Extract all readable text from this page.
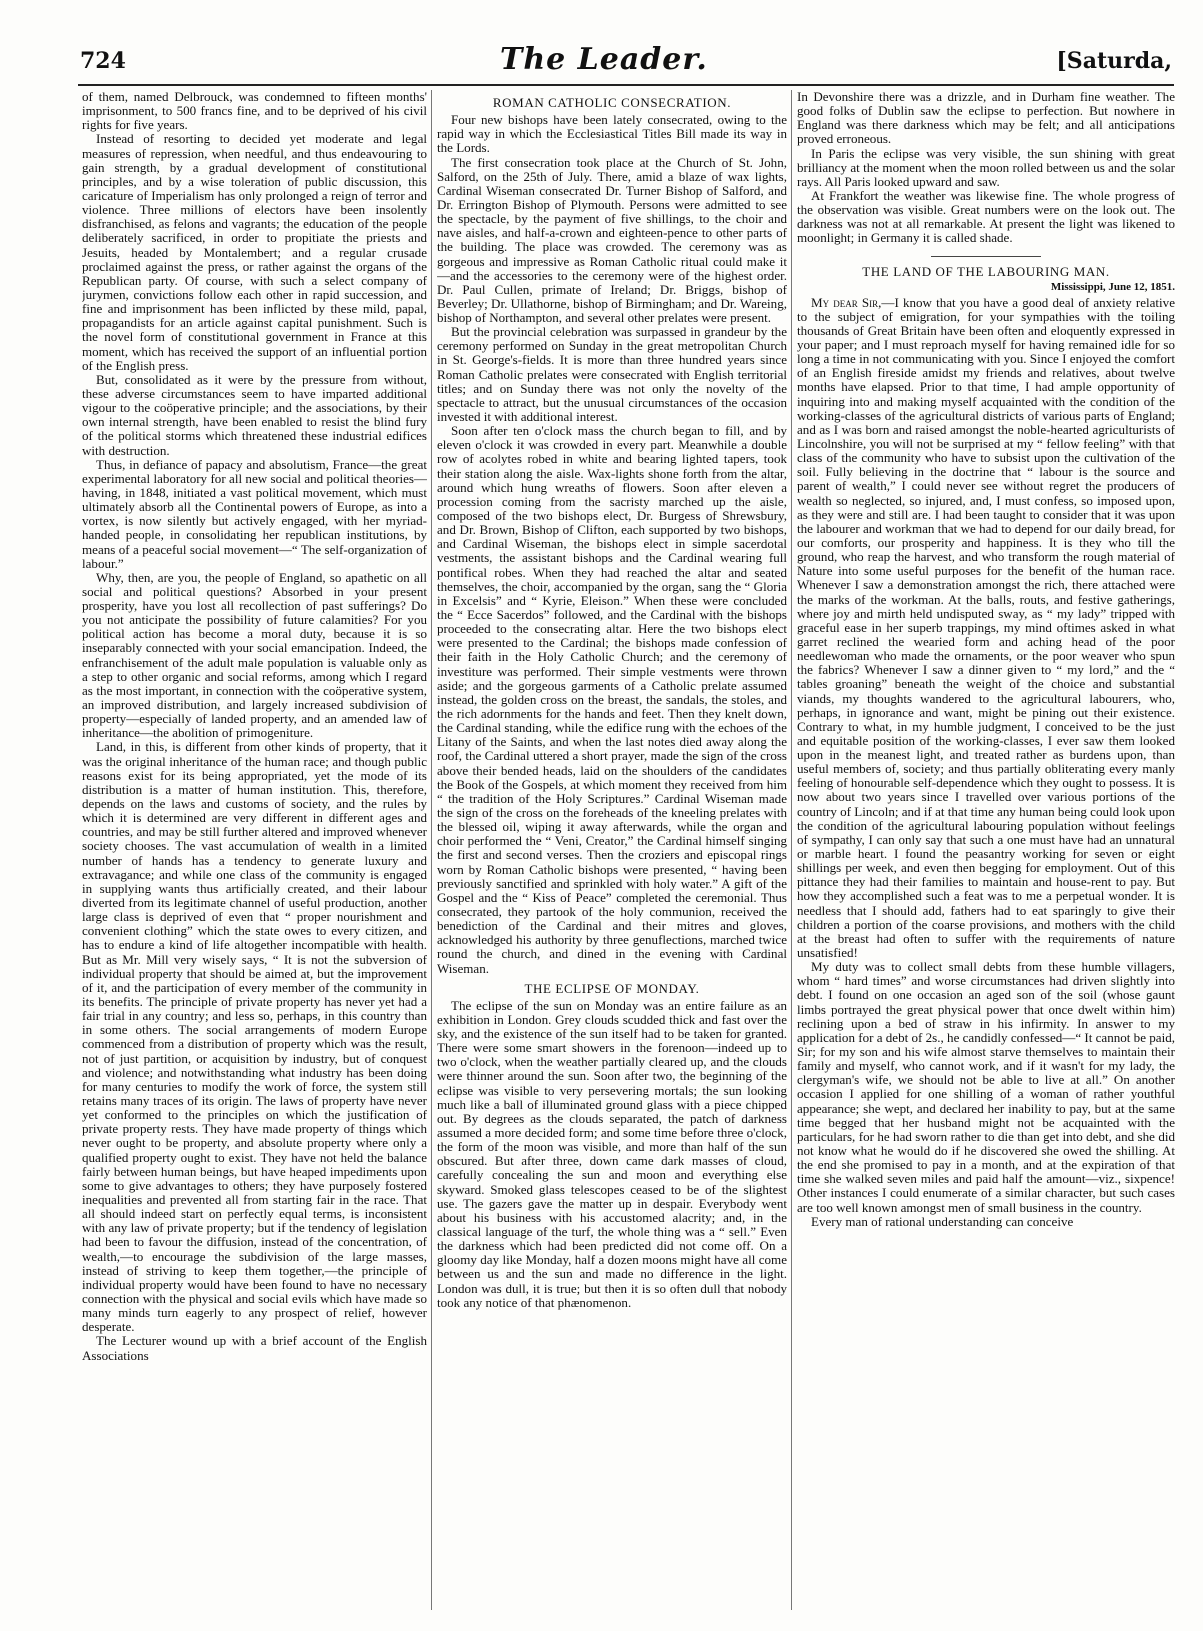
724	The Leader.	[Saturda,

of them, named Delbrouck, was condemned to fifteen months' imprisonment, to 500 francs fine, and to be deprived of his civil rights for five years.

Instead of resorting to decided yet moderate and legal measures of repression, when needful, and thus endeavouring to gain strength, by a gradual development of constitutional principles, and by a wise toleration of public discussion, this caricature of Imperialism has only prolonged a reign of terror and violence. Three millions of electors have been insolently disfranchised, as felons and vagrants; the education of the people deliberately sacrificed, in order to propitiate the priests and Jesuits, headed by Montalembert; and a regular crusade proclaimed against the press, or rather against the organs of the Republican party. Of course, with such a select company of jurymen, convictions follow each other in rapid succession, and fine and imprisonment has been inflicted by these mild, papal, propagandists for an article against capital punishment. Such is the novel form of constitutional government in France at this moment, which has received the support of an influential portion of the English press.

But, consolidated as it were by the pressure from without, these adverse circumstances seem to have imparted additional vigour to the coöperative principle; and the associations, by their own internal strength, have been enabled to resist the blind fury of the political storms which threatened these industrial edifices with destruction.

Thus, in defiance of papacy and absolutism, France—the great experimental laboratory for all new social and political theories—having, in 1848, initiated a vast political movement, which must ultimately absorb all the Continental powers of Europe, as into a vortex, is now silently but actively engaged, with her myriad-handed people, in consolidating her republican institutions, by means of a peaceful social movement—“ The self-organization of labour.”

Why, then, are you, the people of England, so apathetic on all social and political questions? Absorbed in your present prosperity, have you lost all recollection of past sufferings? Do you not anticipate the possibility of future calamities? For you political action has become a moral duty, because it is so inseparably connected with your social emancipation. Indeed, the enfranchisement of the adult male population is valuable only as a step to other organic and social reforms, among which I regard as the most important, in connection with the coöperative system, an improved distribution, and largely increased subdivision of property—especially of landed property, and an amended law of inheritance—the abolition of primogeniture.

Land, in this, is different from other kinds of property, that it was the original inheritance of the human race; and though public reasons exist for its being appropriated, yet the mode of its distribution is a matter of human institution. This, therefore, depends on the laws and customs of society, and the rules by which it is determined are very different in different ages and countries, and may be still further altered and improved whenever society chooses. The vast accumulation of wealth in a limited number of hands has a tendency to generate luxury and extravagance; and while one class of the community is engaged in supplying wants thus artificially created, and their labour diverted from its legitimate channel of useful production, another large class is deprived of even that “ proper nourishment and convenient clothing” which the state owes to every citizen, and has to endure a kind of life altogether incompatible with health. But as Mr. Mill very wisely says, “ It is not the subversion of individual property that should be aimed at, but the improvement of it, and the participation of every member of the community in its benefits. The principle of private property has never yet had a fair trial in any country; and less so, perhaps, in this country than in some others. The social arrangements of modern Europe commenced from a distribution of property which was the result, not of just partition, or acquisition by industry, but of conquest and violence; and notwithstanding what industry has been doing for many centuries to modify the work of force, the system still retains many traces of its origin. The laws of property have never yet conformed to the principles on which the justification of private property rests. They have made property of things which never ought to be property, and absolute property where only a qualified property ought to exist. They have not held the balance fairly between human beings, but have heaped impediments upon some to give advantages to others; they have purposely fostered inequalities and prevented all from starting fair in the race. That all should indeed start on perfectly equal terms, is inconsistent with any law of private property; but if the tendency of legislation had been to favour the diffusion, instead of the concentration, of wealth,—to encourage the subdivision of the large masses, instead of striving to keep them together,—the principle of individual property would have been found to have no necessary connection with the physical and social evils which have made so many minds turn eagerly to any prospect of relief, however desperate.

The Lecturer wound up with a brief account of the English Associations

ROMAN CATHOLIC CONSECRATION.

Four new bishops have been lately consecrated, owing to the rapid way in which the Ecclesiastical Titles Bill made its way in the Lords.

The first consecration took place at the Church of St. John, Salford, on the 25th of July. There, amid a blaze of wax lights, Cardinal Wiseman consecrated Dr. Turner Bishop of Salford, and Dr. Errington Bishop of Plymouth. Persons were admitted to see the spectacle, by the payment of five shillings, to the choir and nave aisles, and half-a-crown and eighteen-pence to other parts of the building. The place was crowded. The ceremony was as gorgeous and impressive as Roman Catholic ritual could make it—and the accessories to the ceremony were of the highest order. Dr. Paul Cullen, primate of Ireland; Dr. Briggs, bishop of Beverley; Dr. Ullathorne, bishop of Birmingham; and Dr. Wareing, bishop of Northampton, and several other prelates were present.

But the provincial celebration was surpassed in grandeur by the ceremony performed on Sunday in the great metropolitan Church in St. George's-fields. It is more than three hundred years since Roman Catholic prelates were consecrated with English territorial titles; and on Sunday there was not only the novelty of the spectacle to attract, but the unusual circumstances of the occasion invested it with additional interest.

Soon after ten o'clock mass the church began to fill, and by eleven o'clock it was crowded in every part. Meanwhile a double row of acolytes robed in white and bearing lighted tapers, took their station along the aisle. Wax-lights shone forth from the altar, around which hung wreaths of flowers. Soon after eleven a procession coming from the sacristy marched up the aisle, composed of the two bishops elect, Dr. Burgess of Shrewsbury, and Dr. Brown, Bishop of Clifton, each supported by two bishops, and Cardinal Wiseman, the bishops elect in simple sacerdotal vestments, the assistant bishops and the Cardinal wearing full pontifical robes. When they had reached the altar and seated themselves, the choir, accompanied by the organ, sang the “ Gloria in Excelsis” and “ Kyrie, Eleison.” When these were concluded the “ Ecce Sacerdos” followed, and the Cardinal with the bishops proceeded to the consecrating altar. Here the two bishops elect were presented to the Cardinal; the bishops made confession of their faith in the Holy Catholic Church; and the ceremony of investiture was performed. Their simple vestments were thrown aside; and the gorgeous garments of a Catholic prelate assumed instead, the golden cross on the breast, the sandals, the stoles, and the rich adornments for the hands and feet. Then they knelt down, the Cardinal standing, while the edifice rung with the echoes of the Litany of the Saints, and when the last notes died away along the roof, the Cardinal uttered a short prayer, made the sign of the cross above their bended heads, laid on the shoulders of the candidates the Book of the Gospels, at which moment they received from him “ the tradition of the Holy Scriptures.” Cardinal Wiseman made the sign of the cross on the foreheads of the kneeling prelates with the blessed oil, wiping it away afterwards, while the organ and choir performed the “ Veni, Creator,” the Cardinal himself singing the first and second verses. Then the croziers and episcopal rings worn by Roman Catholic bishops were presented, “ having been previously sanctified and sprinkled with holy water.” A gift of the Gospel and the “ Kiss of Peace” completed the ceremonial. Thus consecrated, they partook of the holy communion, received the benediction of the Cardinal and their mitres and gloves, acknowledged his authority by three genuflections, marched twice round the church, and dined in the evening with Cardinal Wiseman.

THE ECLIPSE OF MONDAY.

The eclipse of the sun on Monday was an entire failure as an exhibition in London. Grey clouds scudded thick and fast over the sky, and the existence of the sun itself had to be taken for granted. There were some smart showers in the forenoon—indeed up to two o'clock, when the weather partially cleared up, and the clouds were thinner around the sun. Soon after two, the beginning of the eclipse was visible to very persevering mortals; the sun looking much like a ball of illuminated ground glass with a piece chipped out. By degrees as the clouds separated, the patch of darkness assumed a more decided form; and some time before three o'clock, the form of the moon was visible, and more than half of the sun obscured. But after three, down came dark masses of cloud, carefully concealing the sun and moon and everything else skyward. Smoked glass telescopes ceased to be of the slightest use. The gazers gave the matter up in despair. Everybody went about his business with his accustomed alacrity; and, in the classical language of the turf, the whole thing was a “ sell.” Even the darkness which had been predicted did not come off. On a gloomy day like Monday, half a dozen moons might have all come between us and the sun and made no difference in the light. London was dull, it is true; but then it is so often dull that nobody took any notice of that phænomenon.

In Devonshire there was a drizzle, and in Durham fine weather. The good folks of Dublin saw the eclipse to perfection. But nowhere in England was there darkness which may be felt; and all anticipations proved erroneous.

In Paris the eclipse was very visible, the sun shining with great brilliancy at the moment when the moon rolled between us and the solar rays. All Paris looked upward and saw.

At Frankfort the weather was likewise fine. The whole progress of the observation was visible. Great numbers were on the look out. The darkness was not at all remarkable. At present the light was likened to moonlight; in Germany it is called shade.

THE LAND OF THE LABOURING MAN.
Mississippi, June 12, 1851.

My dear Sir,—I know that you have a good deal of anxiety relative to the subject of emigration, for your sympathies with the toiling thousands of Great Britain have been often and eloquently expressed in your paper; and I must reproach myself for having remained idle for so long a time in not communicating with you. Since I enjoyed the comfort of an English fireside amidst my friends and relatives, about twelve months have elapsed. Prior to that time, I had ample opportunity of inquiring into and making myself acquainted with the condition of the working-classes of the agricultural districts of various parts of England; and as I was born and raised amongst the noble-hearted agriculturists of Lincolnshire, you will not be surprised at my “ fellow feeling” with that class of the community who have to subsist upon the cultivation of the soil. Fully believing in the doctrine that “ labour is the source and parent of wealth,” I could never see without regret the producers of wealth so neglected, so injured, and, I must confess, so imposed upon, as they were and still are. I had been taught to consider that it was upon the labourer and workman that we had to depend for our daily bread, for our comforts, our prosperity and happiness. It is they who till the ground, who reap the harvest, and who transform the rough material of Nature into some useful purposes for the benefit of the human race. Whenever I saw a demonstration amongst the rich, there attached were the marks of the workman. At the balls, routs, and festive gatherings, where joy and mirth held undisputed sway, as “ my lady” tripped with graceful ease in her superb trappings, my mind oftimes asked in what garret reclined the wearied form and aching head of the poor needlewoman who made the ornaments, or the poor weaver who spun the fabrics? Whenever I saw a dinner given to “ my lord,” and the “ tables groaning” beneath the weight of the choice and substantial viands, my thoughts wandered to the agricultural labourers, who, perhaps, in ignorance and want, might be pining out their existence. Contrary to what, in my humble judgment, I conceived to be the just and equitable position of the working-classes, I ever saw them looked upon in the meanest light, and treated rather as burdens upon, than useful members of, society; and thus partially obliterating every manly feeling of honourable self-dependence which they ought to possess. It is now about two years since I travelled over various portions of the country of Lincoln; and if at that time any human being could look upon the condition of the agricultural labouring population without feelings of sympathy, I can only say that such a one must have had an unnatural or marble heart. I found the peasantry working for seven or eight shillings per week, and even then begging for employment. Out of this pittance they had their families to maintain and house-rent to pay. But how they accomplished such a feat was to me a perpetual wonder. It is needless that I should add, fathers had to eat sparingly to give their children a portion of the coarse provisions, and mothers with the child at the breast had often to suffer with the requirements of nature unsatisfied!

My duty was to collect small debts from these humble villagers, whom “ hard times” and worse circumstances had driven slightly into debt. I found on one occasion an aged son of the soil (whose gaunt limbs portrayed the great physical power that once dwelt within him) reclining upon a bed of straw in his infirmity. In answer to my application for a debt of 2s., he candidly confessed—“ It cannot be paid, Sir; for my son and his wife almost starve themselves to maintain their family and myself, who cannot work, and if it wasn't for my lady, the clergyman's wife, we should not be able to live at all.” On another occasion I applied for one shilling of a woman of rather youthful appearance; she wept, and declared her inability to pay, but at the same time begged that her husband might not be acquainted with the particulars, for he had sworn rather to die than get into debt, and she did not know what he would do if he discovered she owed the shilling. At the end she promised to pay in a month, and at the expiration of that time she walked seven miles and paid half the amount—viz., sixpence! Other instances I could enumerate of a similar character, but such cases are too well known amongst men of small business in the country.

Every man of rational understanding can conceive
